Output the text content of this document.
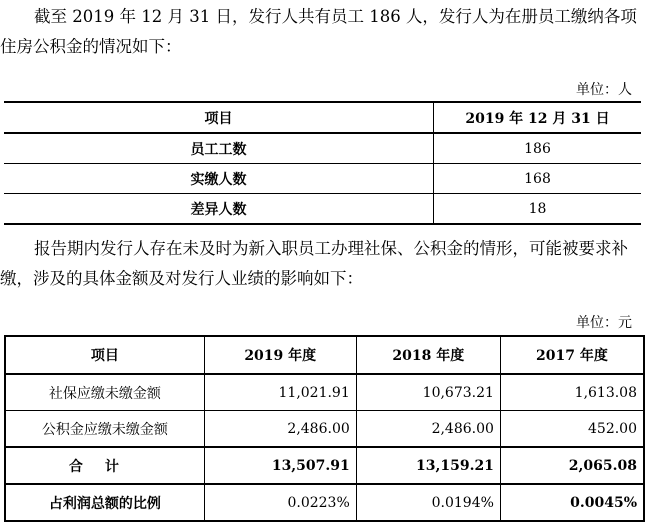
截至 2019 年 12 月 31 日，发行人共有员工 186 人，发行人为在册员工缴纳各项住房公积金的情况如下：

单位：人
项目	2019 年 12 月 31 日
员工工数	186
实缴人数	168
差异人数	18

报告期内发行人存在未及时为新入职员工办理社保、公积金的情形，可能被要求补缴，涉及的具体金额及对发行人业绩的影响如下：

单位：元
项目	2019 年度	2018 年度	2017 年度
社保应缴未缴金额	11,021.91	10,673.21	1,613.08
公积金应缴未缴金额	2,486.00	2,486.00	452.00
合计	13,507.91	13,159.21	2,065.08
占利润总额的比例	0.0223%	0.0194%	0.0045%
